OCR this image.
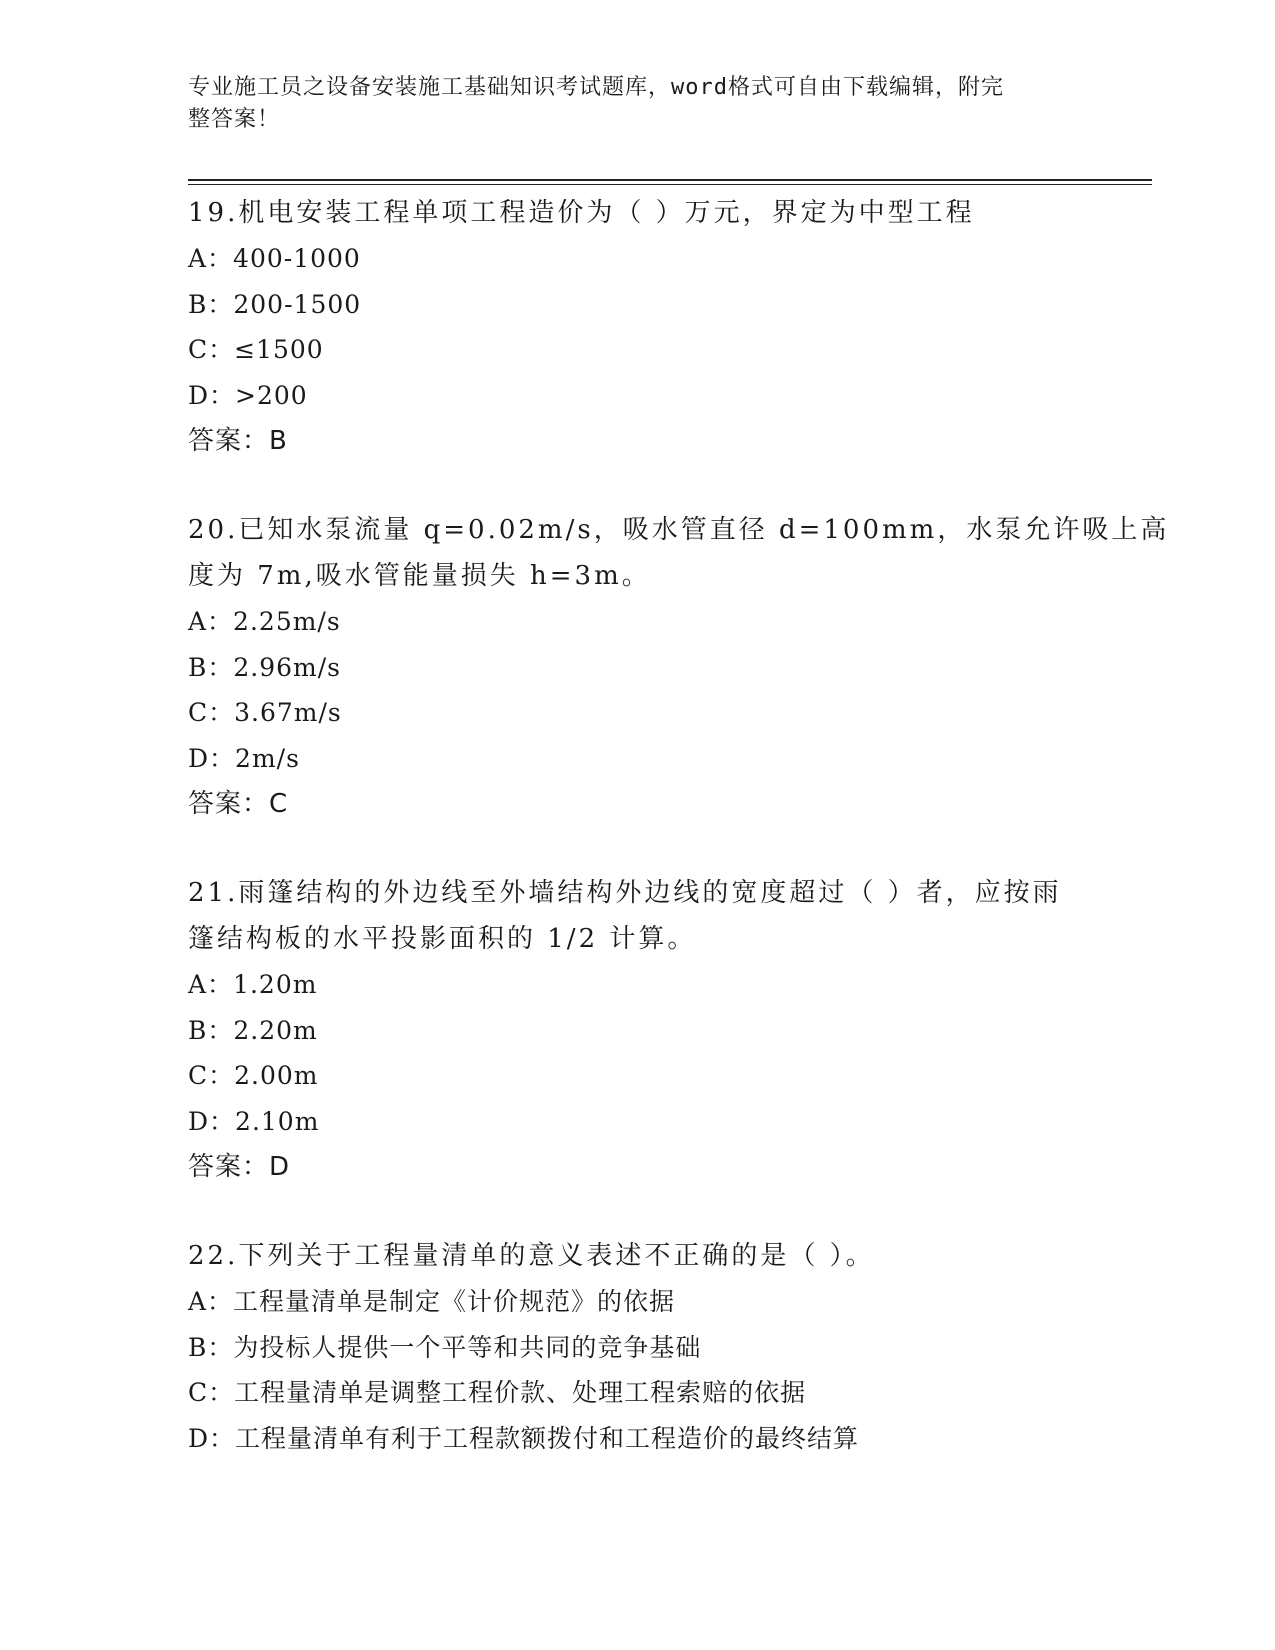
专业施工员之设备安装施工基础知识考试题库，word格式可自由下载编辑，附完
整答案！
19.机电安装工程单项工程造价为（ ）万元，界定为中型工程
A：400-1000
B：200-1500
C：≤1500
D：>200
答案：B
20.已知水泵流量 q=0.02m/s，吸水管直径 d=100mm，水泵允许吸上高
度为 7m,吸水管能量损失 h=3m。
A：2.25m/s
B：2.96m/s
C：3.67m/s
D：2m/s
答案：C
21.雨篷结构的外边线至外墙结构外边线的宽度超过（ ）者，应按雨
篷结构板的水平投影面积的 1/2 计算。
A：1.20m
B：2.20m
C：2.00m
D：2.10m
答案：D
22.下列关于工程量清单的意义表述不正确的是（ ）。
A：工程量清单是制定《计价规范》的依据
B：为投标人提供一个平等和共同的竞争基础
C：工程量清单是调整工程价款、处理工程索赔的依据
D：工程量清单有利于工程款额拨付和工程造价的最终结算
